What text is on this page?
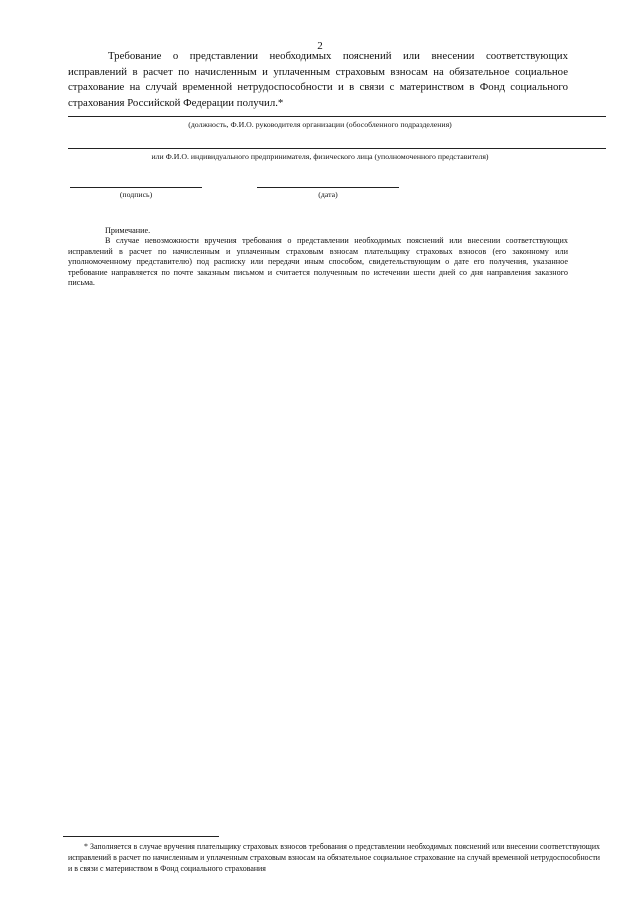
2

Требование о представлении необходимых пояснений или внесении соответствующих исправлений в расчет по начисленным и уплаченным страховым взносам на обязательное социальное страхование на случай временной нетрудоспособности и в связи с материнством в Фонд социального страхования Российской Федерации получил.*

(должность, Ф.И.О. руководителя организации (обособленного подразделения)
или Ф.И.О. индивидуального предпринимателя, физического лица (уполномоченного представителя)
(подпись)	(дата)
Примечание.

В случае невозможности вручения требования о представлении необходимых пояснений или внесении соответствующих исправлений в расчет по начисленным и уплаченным страховым взносам плательщику страховых взносов (его законному или уполномоченному представителю) под расписку или передачи иным способом, свидетельствующим о дате его получения, указанное требование направляется по почте заказным письмом и считается полученным по истечении шести дней со дня направления заказного письма.

* Заполняется в случае вручения плательщику страховых взносов требования о представлении необходимых пояснений или внесении соответствующих исправлений в расчет по начисленным и уплаченным страховым взносам на обязательное социальное страхование на случай временной нетрудоспособности и в связи с материнством в Фонд социального страхования
